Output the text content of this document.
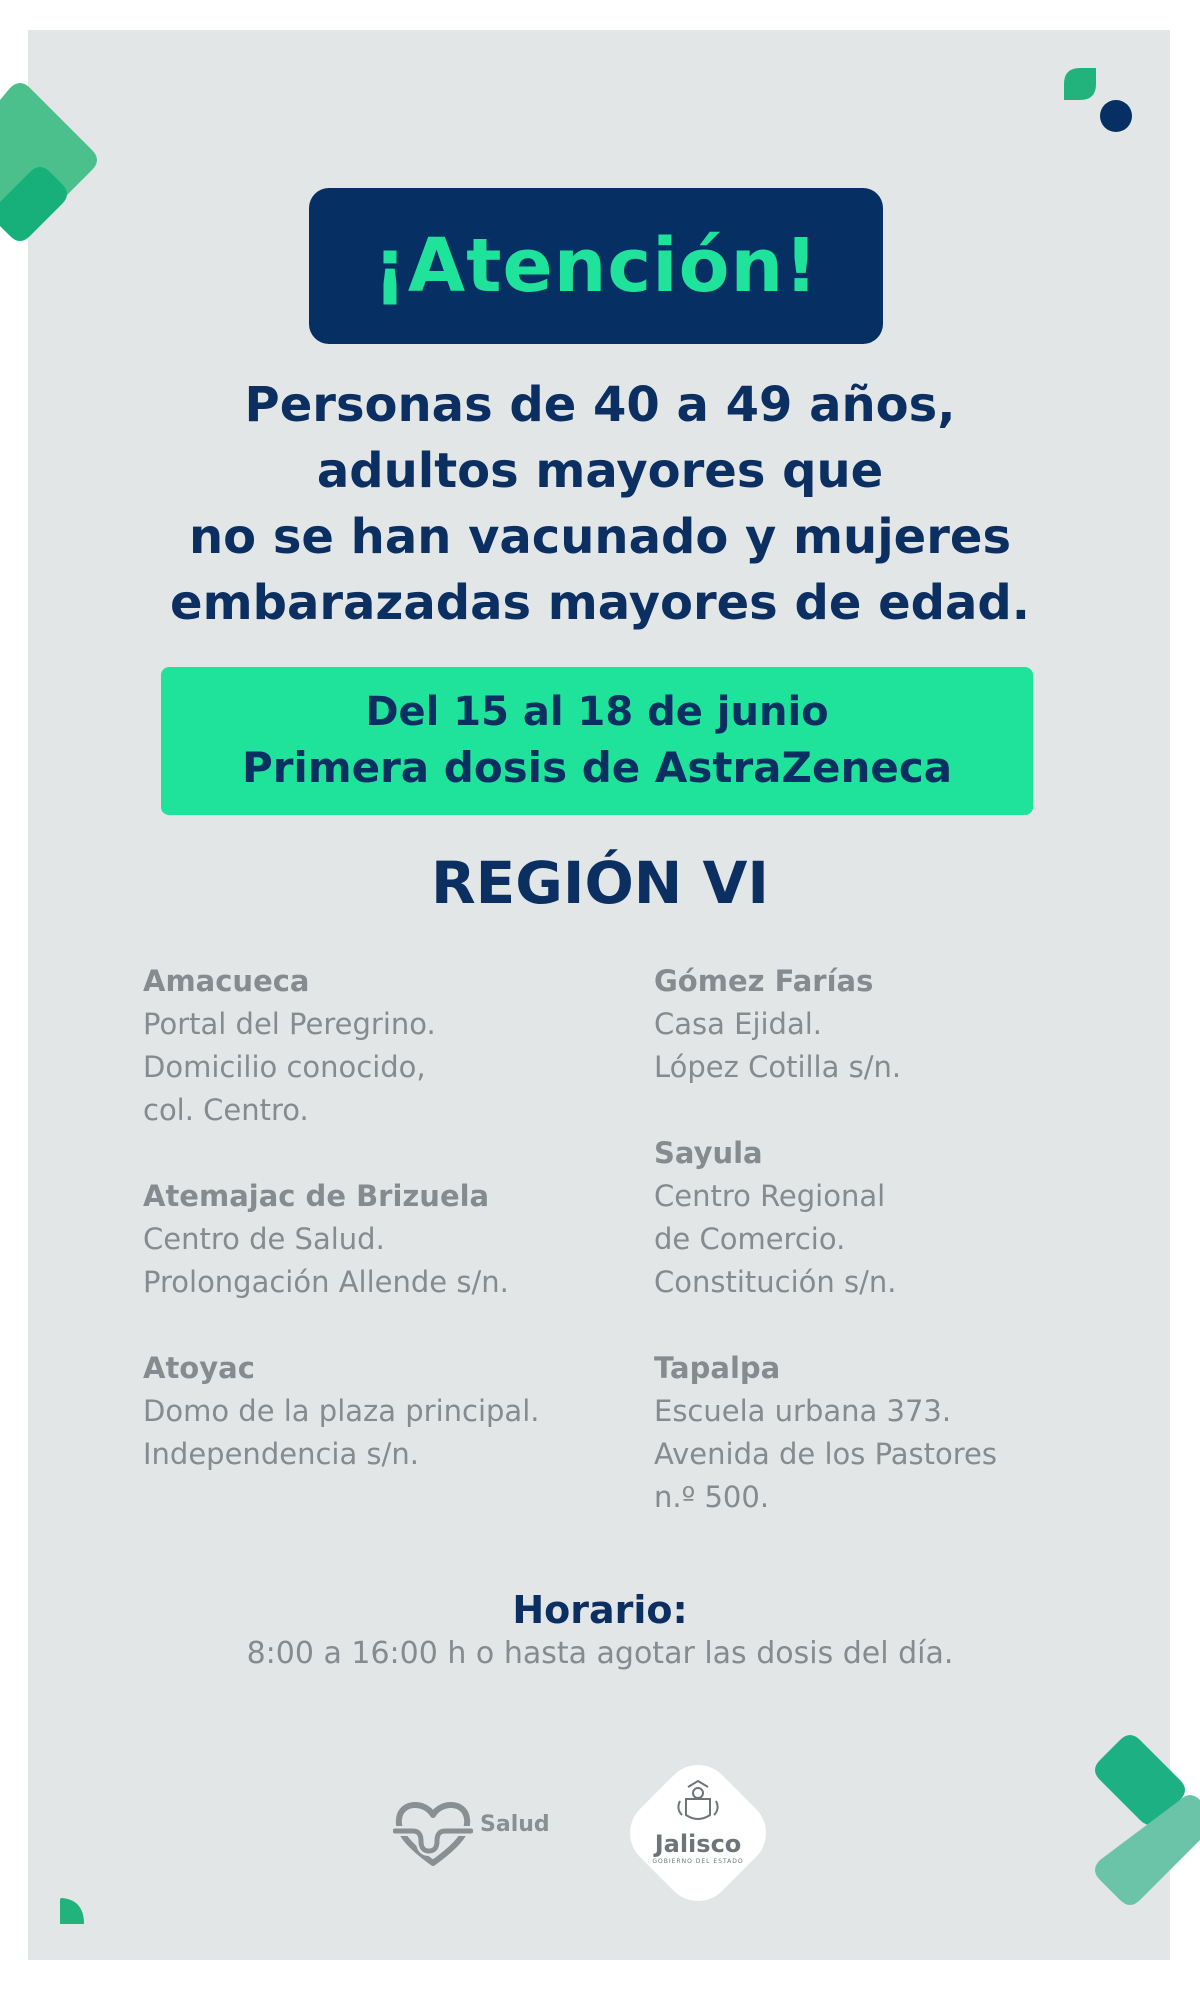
¡Atención!
Personas de 40 a 49 años,
adultos mayores que
no se han vacunado y mujeres
embarazadas mayores de edad.
Del 15 al 18 de junio
Primera dosis de AstraZeneca
REGIÓN VI
Amacueca
Portal del Peregrino.
Domicilio conocido,
col. Centro.
Atemajac de Brizuela
Centro de Salud.
Prolongación Allende s/n.
Atoyac
Domo de la plaza principal.
Independencia s/n.
Gómez Farías
Casa Ejidal.
López Cotilla s/n.
Sayula
Centro Regional
de Comercio.
Constitución s/n.
Tapalpa
Escuela urbana 373.
Avenida de los Pastores
n.º 500.
Horario:
8:00 a 16:00 h o hasta agotar las dosis del día.
Salud
Jalisco
GOBIERNO DEL ESTADO
